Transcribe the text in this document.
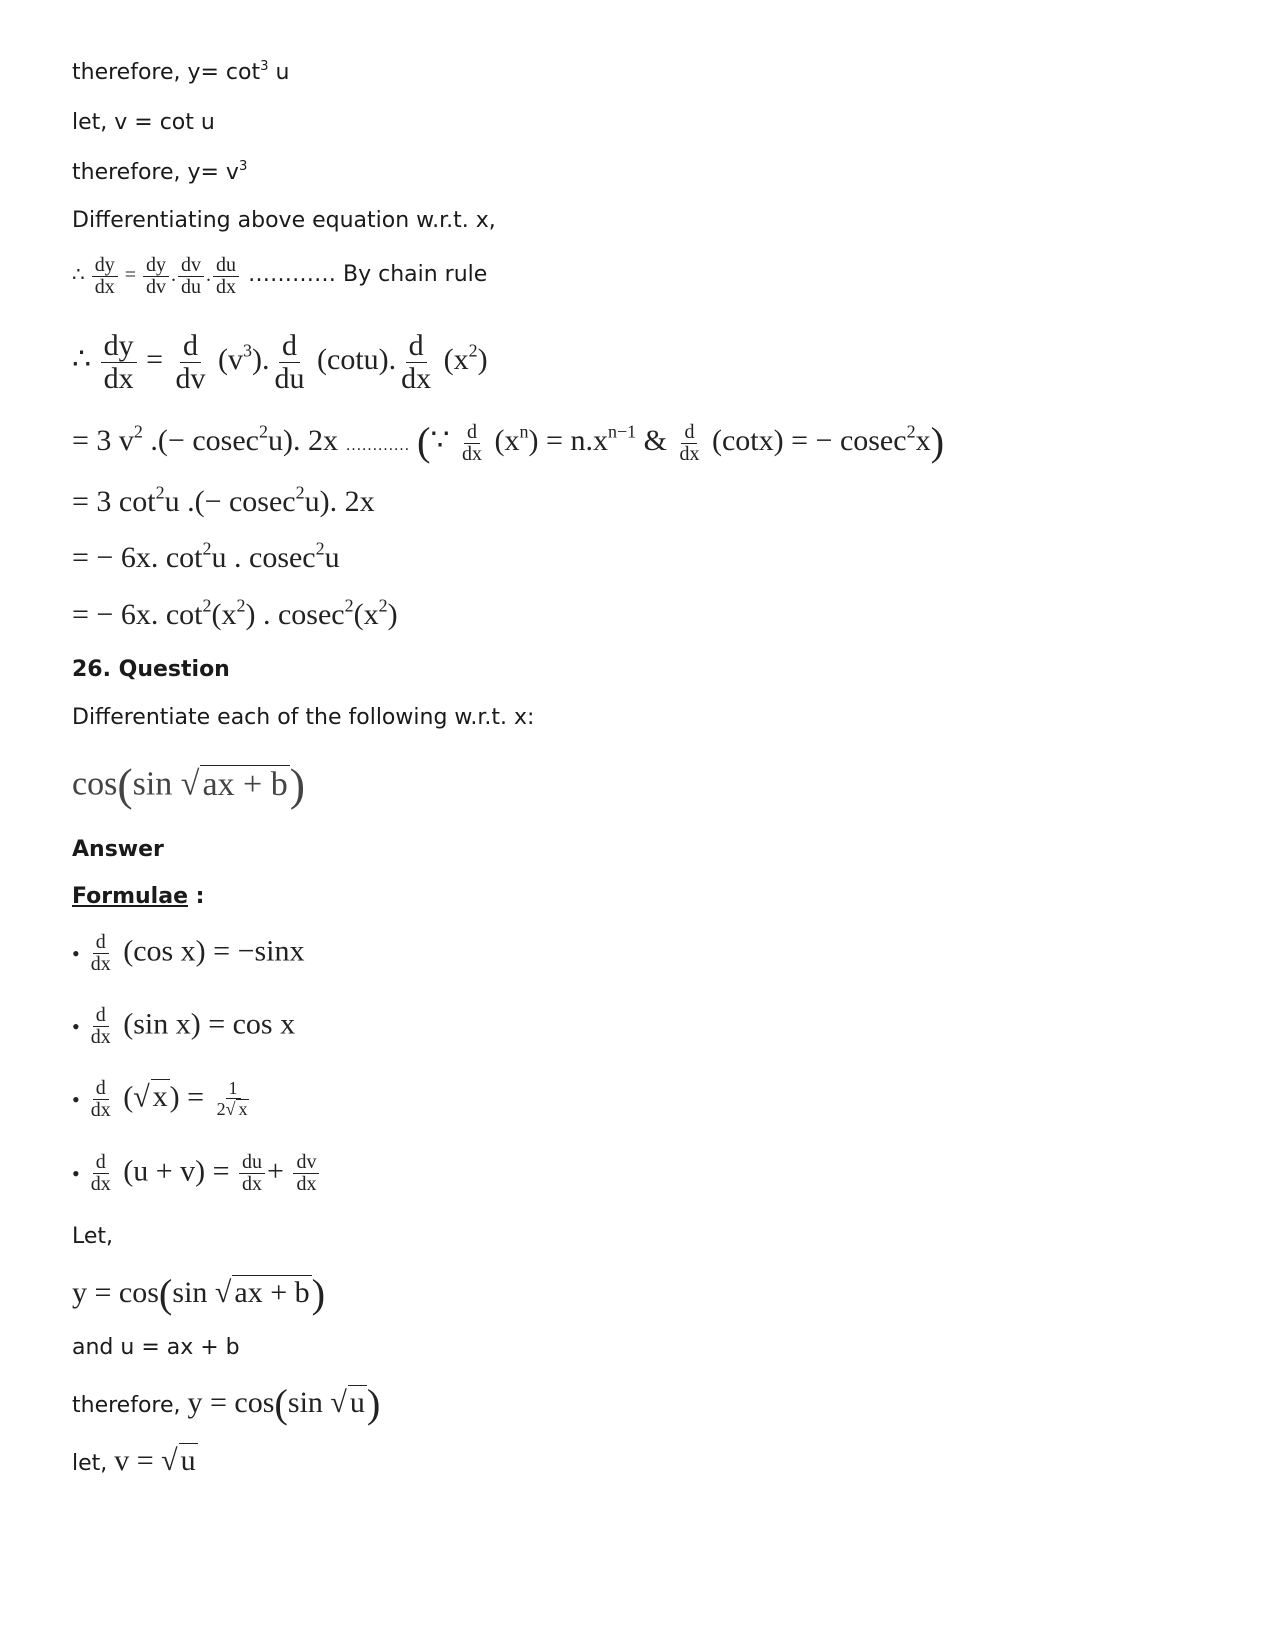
therefore, $y= \cot^3 u$
let, v = cot u
therefore, $y= v^3$
Differentiating above equation w.r.t. x,
∴ $\frac{dy}{dx} = \frac{dy}{dv}$ . $\frac{dv}{du}$ . $\frac{du}{dx}$ ………… By chain rule
∴ $\frac{dy}{dx} = \frac{d}{dv} (v^3)$. $\frac{d}{du} (\cot u)$. $\frac{d}{dx} (x^2)$
= 3 $v^2$ .(− cosec$^2$u). 2x ………… (∵ $\frac{d}{dx} (x^n) = n.x^{n-1}$ & $\frac{d}{dx} (\cot x)$ = − cosec$^2$x)
= 3 $\cot^2u$ .(− cosec$^2$u). 2x
= − 6x. $\cot^2u$ . cosec$^2$u
= − 6x. $\cot^2(x^2)$ . $cosec^2(x^2)$
26. Question
Differentiate each of the following w.r.t. x:
cos(sin √ax + b)
Answer
Formulae :
• $\frac{d}{dx} (\cos$ x) = −sinx
• $\frac{d}{dx} (\sin$ x) = cos x
• $\frac{d}{dx}$ (√ $x) = \frac{1}{2√ x}$
• $\frac{d}{dx} (u + v) = \frac{du}{dx} + \frac{dv}{dx}$
Let,
y = cos(sin √ ax + b)
and u = ax + b
therefore, y = cos(sin √ u)
let, v = √ u
